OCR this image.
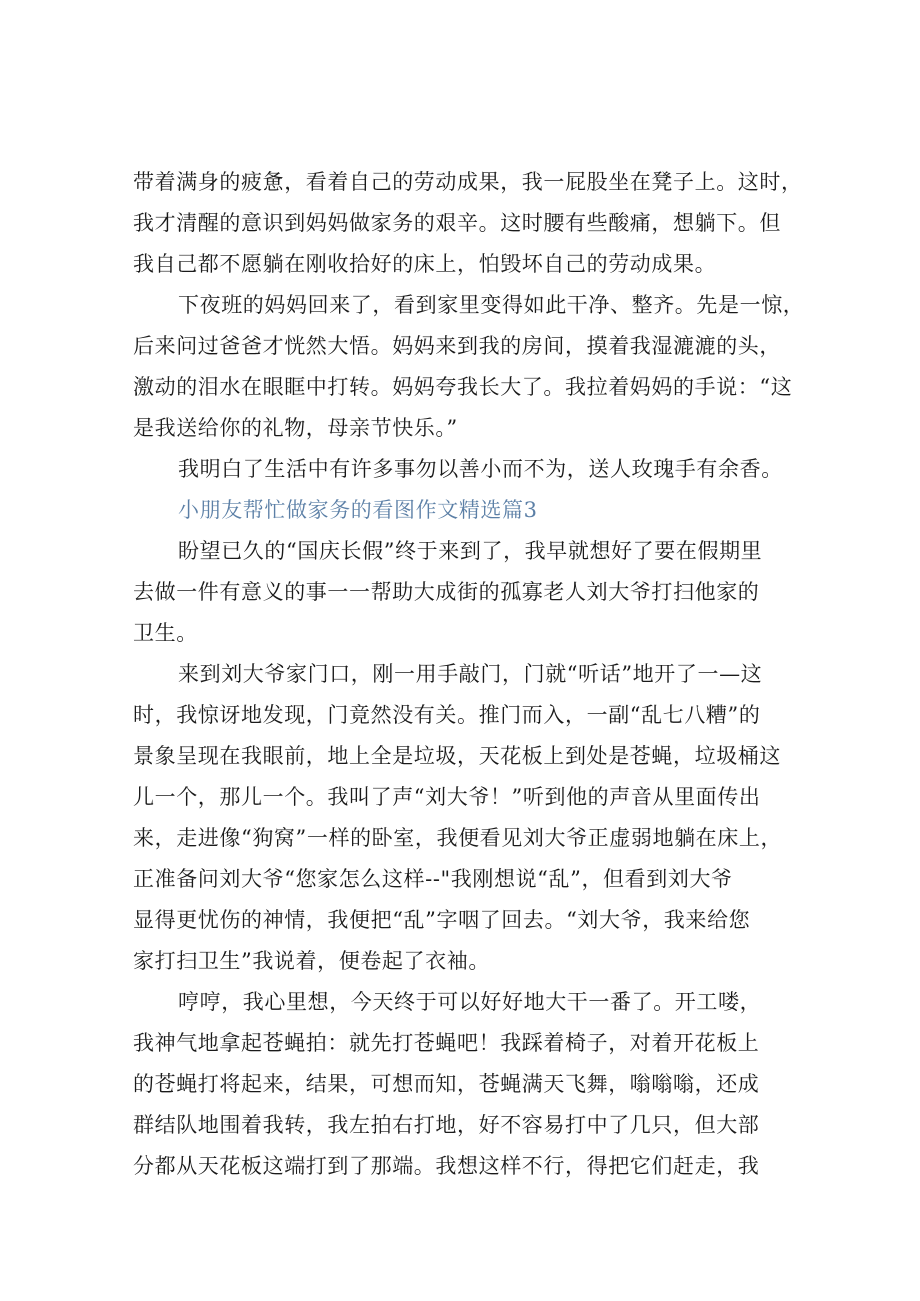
带着满身的疲惫，看着自己的劳动成果，我一屁股坐在凳子上。这时，
我才清醒的意识到妈妈做家务的艰辛。这时腰有些酸痛，想躺下。但
我自己都不愿躺在刚收拾好的床上，怕毁坏自己的劳动成果。
下夜班的妈妈回来了，看到家里变得如此干净、整齐。先是一惊，
后来问过爸爸才恍然大悟。妈妈来到我的房间，摸着我湿漉漉的头，
激动的泪水在眼眶中打转。妈妈夸我长大了。我拉着妈妈的手说：“这
是我送给你的礼物，母亲节快乐。”
我明白了生活中有许多事勿以善小而不为，送人玫瑰手有余香。
小朋友帮忙做家务的看图作文精选篇3
盼望已久的“国庆长假”终于来到了，我早就想好了要在假期里
去做一件有意义的事一一帮助大成街的孤寡老人刘大爷打扫他家的
卫生。
来到刘大爷家门口，刚一用手敲门，门就“听话”地开了一—这
时，我惊讶地发现，门竟然没有关。推门而入，一副“乱七八糟”的
景象呈现在我眼前，地上全是垃圾，天花板上到处是苍蝇，垃圾桶这
儿一个，那儿一个。我叫了声“刘大爷！”听到他的声音从里面传出
来，走进像“狗窝”一样的卧室，我便看见刘大爷正虚弱地躺在床上，
正准备问刘大爷“您家怎么这样--"我刚想说“乱”，但看到刘大爷
显得更忧伤的神情，我便把“乱”字咽了回去。“刘大爷，我来给您
家打扫卫生”我说着，便卷起了衣袖。
哼哼，我心里想，今天终于可以好好地大干一番了。开工喽，
我神气地拿起苍蝇拍：就先打苍蝇吧！我踩着椅子，对着开花板上
的苍蝇打将起来，结果，可想而知，苍蝇满天飞舞，嗡嗡嗡，还成
群结队地围着我转，我左拍右打地，好不容易打中了几只，但大部
分都从天花板这端打到了那端。我想这样不行，得把它们赶走，我
